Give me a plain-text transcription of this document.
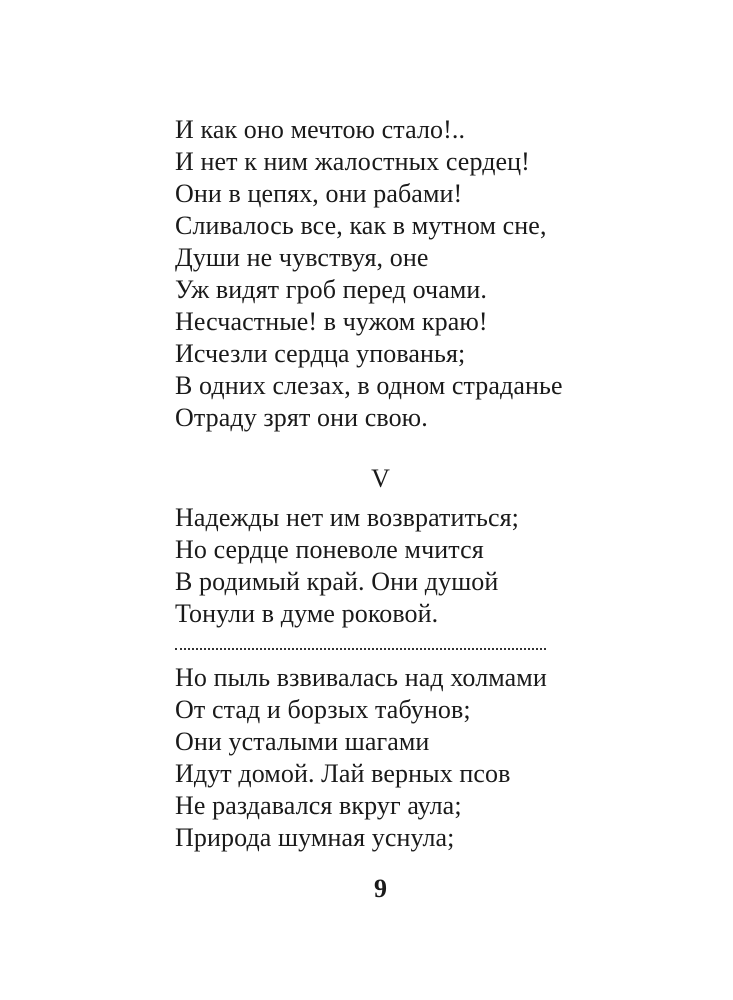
И как оно мечтою стало!..
И нет к ним жалостных сердец!
Они в цепях, они рабами!
Сливалось все, как в мутном сне,
Души не чувствуя, оне
Уж видят гроб перед очами.
Несчастные! в чужом краю!
Исчезли сердца упованья;
В одних слезах, в одном страданье
Отраду зрят они свою.
V
Надежды нет им возвратиться;
Но сердце поневоле мчится
В родимый край. Они душой
Тонули в думе роковой.
Но пыль взвивалась над холмами
От стад и борзых табунов;
Они усталыми шагами
Идут домой. Лай верных псов
Не раздавался вкруг аула;
Природа шумная уснула;
9
